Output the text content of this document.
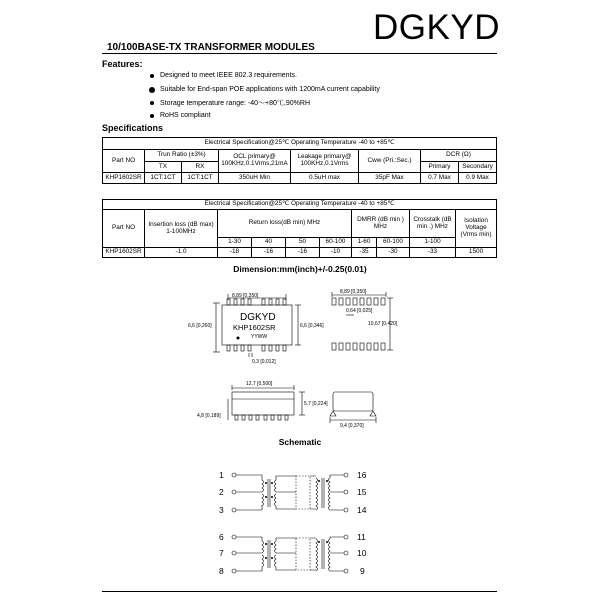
DGKYD
10/100BASE-TX TRANSFORMER MODULES
Features:
Designed to meet IEEE 802.3 requirements.
Suitable for End-span POE applications with 1200mA current capability
Storage temperature range: -40〜+80℃,90%RH
RoHS compliant
Specifications
Electrical Specification@25℃ Operating Temperature -40 to +85℃							
Part NO	Trun Ratio (±3%)		OCL primary@ 100KHz,0.1Vrms,21mA	Leakage primary@ 100KHz,0.1Vrms	Cww (Pri.:Sec.)	DCR (Ω)	
	TX	RX				Primary	Secondary
KHP1602SR	1CT:1CT	1CT:1CT	350uH Min	0.5uH max	35pF Max	0.7 Max	0.9 Max
Electrical Specification@25℃ Operating Temperature -40 to +85℃									
Part NO	Insertion loss (dB max) 1-100MHz	Return loss(dB min) MHz				DMRR (dB min ) MHz		Crosstalk (dB min .) MHz	Isolation Voltage (Vrms min)
		1-30	40	50	60-100	1-60	60-100	1-100	
KHP1602SR	-1.0	-18	-16	-16	-10	-35	-30	-33	1500
Dimension:mm(inch)+/-0.25(0.01)
8,89 [0,350]
6,6 [0,260]	6,6 [0,346]
0,3 [0,012]
8,89 [0,350]
0,64 [0,025]
10,67 [0,420]
12,7 [0,500]
5,7 [0,224]
4,8 [0,189]
9,4 [0,370]
DGKYD
KHP1602SR
YYWW
Schematic
1
2
3
6
7
8
16
15
14
11
10
9
